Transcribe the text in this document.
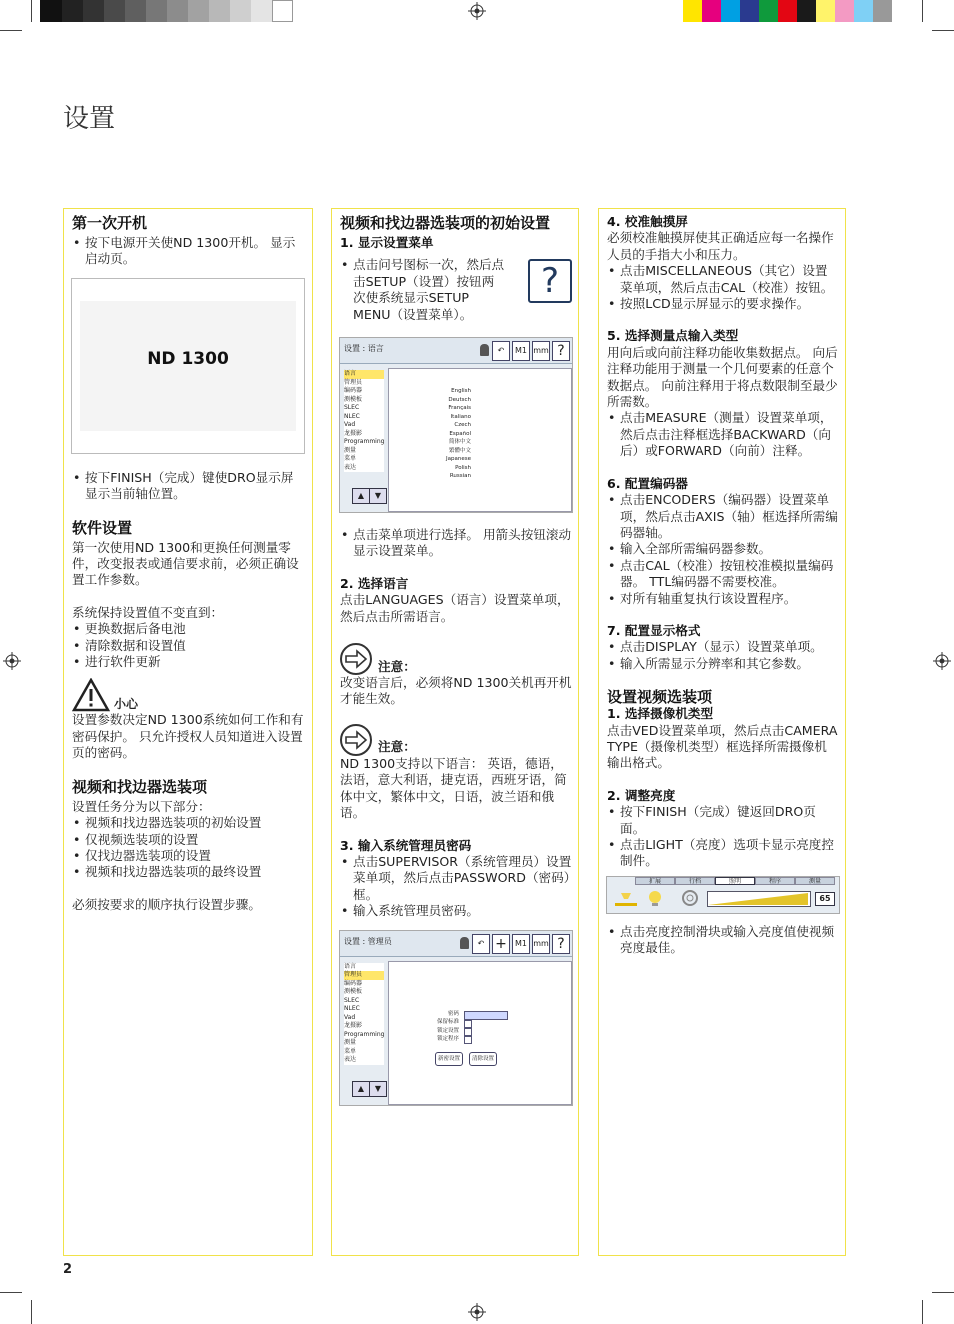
设置
2
第一次开机
• 按下电源开关使ND 1300开机。 显示启动页。
ND 1300
• 按下FINISH（完成）键使DRO显示屏显示当前轴位置。
软件设置

第一次使用ND 1300和更换任何测量零件，改变报表或通信要求前，必须正确设置工作参数。

系统保持设置值不变直到：

• 更换数据后备电池
• 清除数据和设置值
• 进行软件更新
小心

设置参数决定ND 1300系统如何工作和有密码保护。 只允许授权人员知道进入设置页的密码。

视频和找边器选装项

设置任务分为以下部分：

• 视频和找边器选装项的初始设置
• 仅视频选装项的设置
• 仅找边器选装项的设置
• 视频和找边器选装项的最终设置

必须按要求的顺序执行设置步骤。

视频和找边器选装项的初始设置
1. 显示设置菜单
• 点击问号图标一次，然后点击SETUP（设置）按钮两次使系统显示SETUP MENU（设置菜单）。
?
设置 : 语言	↶	M1 mm ?
语言
管理员
编码器
测模板
SLEC
NLEC
Vad
龙摄影
Programming
测量
菜单
表达
English
Deutsch
Français
Italiano
Czech
Español
简体中文
繁體中文
Japanese
Polish
Russian
▲	▼
• 点击菜单项进行选择。 用箭头按钮滚动显示设置菜单。
2. 选择语言

点击LANGUAGES（语言）设置菜单项，然后点击所需语言。

注意：

改变语言后，必须将ND 1300关机再开机才能生效。

注意：

ND 1300支持以下语言： 英语，德语，法语，意大利语，捷克语，西班牙语，简体中文，繁体中文，日语，波兰语和俄语。

3. 输入系统管理员密码
• 点击SUPERVISOR（系统管理员）设置菜单项，然后点击PASSWORD（密码）框。
• 输入系统管理员密码。
设置 : 管理员	↶ +	M1 mm ?
语言
管理员
编码器
测模板
SLEC
NLEC
Vad
龙摄影
Programming
测量
菜单
表达
密码
保留标准
锁定设置
锁定程序
新密设置	清除设置
▲	▼
4. 校准触摸屏

必须校准触摸屏使其正确适应每一名操作人员的手指大小和压力。

• 点击MISCELLANEOUS（其它）设置菜单项，然后点击CAL（校准）按钮。
• 按照LCD显示屏显示的要求操作。
5. 选择测量点输入类型

用向后或向前注释功能收集数据点。 向后注释功能用于测量一个几何要素的任意个数据点。 向前注释用于将点数限制至最少所需数。

• 点击MEASURE（测量）设置菜单项，然后点击注释框选择BACKWARD（向后）或FORWARD（向前）注释。
6. 配置编码器
• 点击ENCODERS（编码器）设置菜单项，然后点击AXIS（轴）框选择所需编码器轴。
• 输入全部所需编码器参数。
• 点击CAL（校准）按钮校准模拟量编码器。 TTL编码器不需要校准。
• 对所有轴重复执行该设置程序。
7. 配置显示格式
• 点击DISPLAY（显示）设置菜单项。
• 输入所需显示分辨率和其它参数。
设置视频选装项
1. 选择摄像机类型

点击VED设置菜单项，然后点击CAMERA TYPE（摄像机类型）框选择所需摄像机输出格式。

2. 调整亮度
• 按下FINISH（完成）键返回DRO页面。
• 点击LIGHT（亮度）选项卡显示亮度控制件。
扩展	行档	照明	程序	测量
65
• 点击亮度控制滑块或输入亮度值使视频亮度最佳。
